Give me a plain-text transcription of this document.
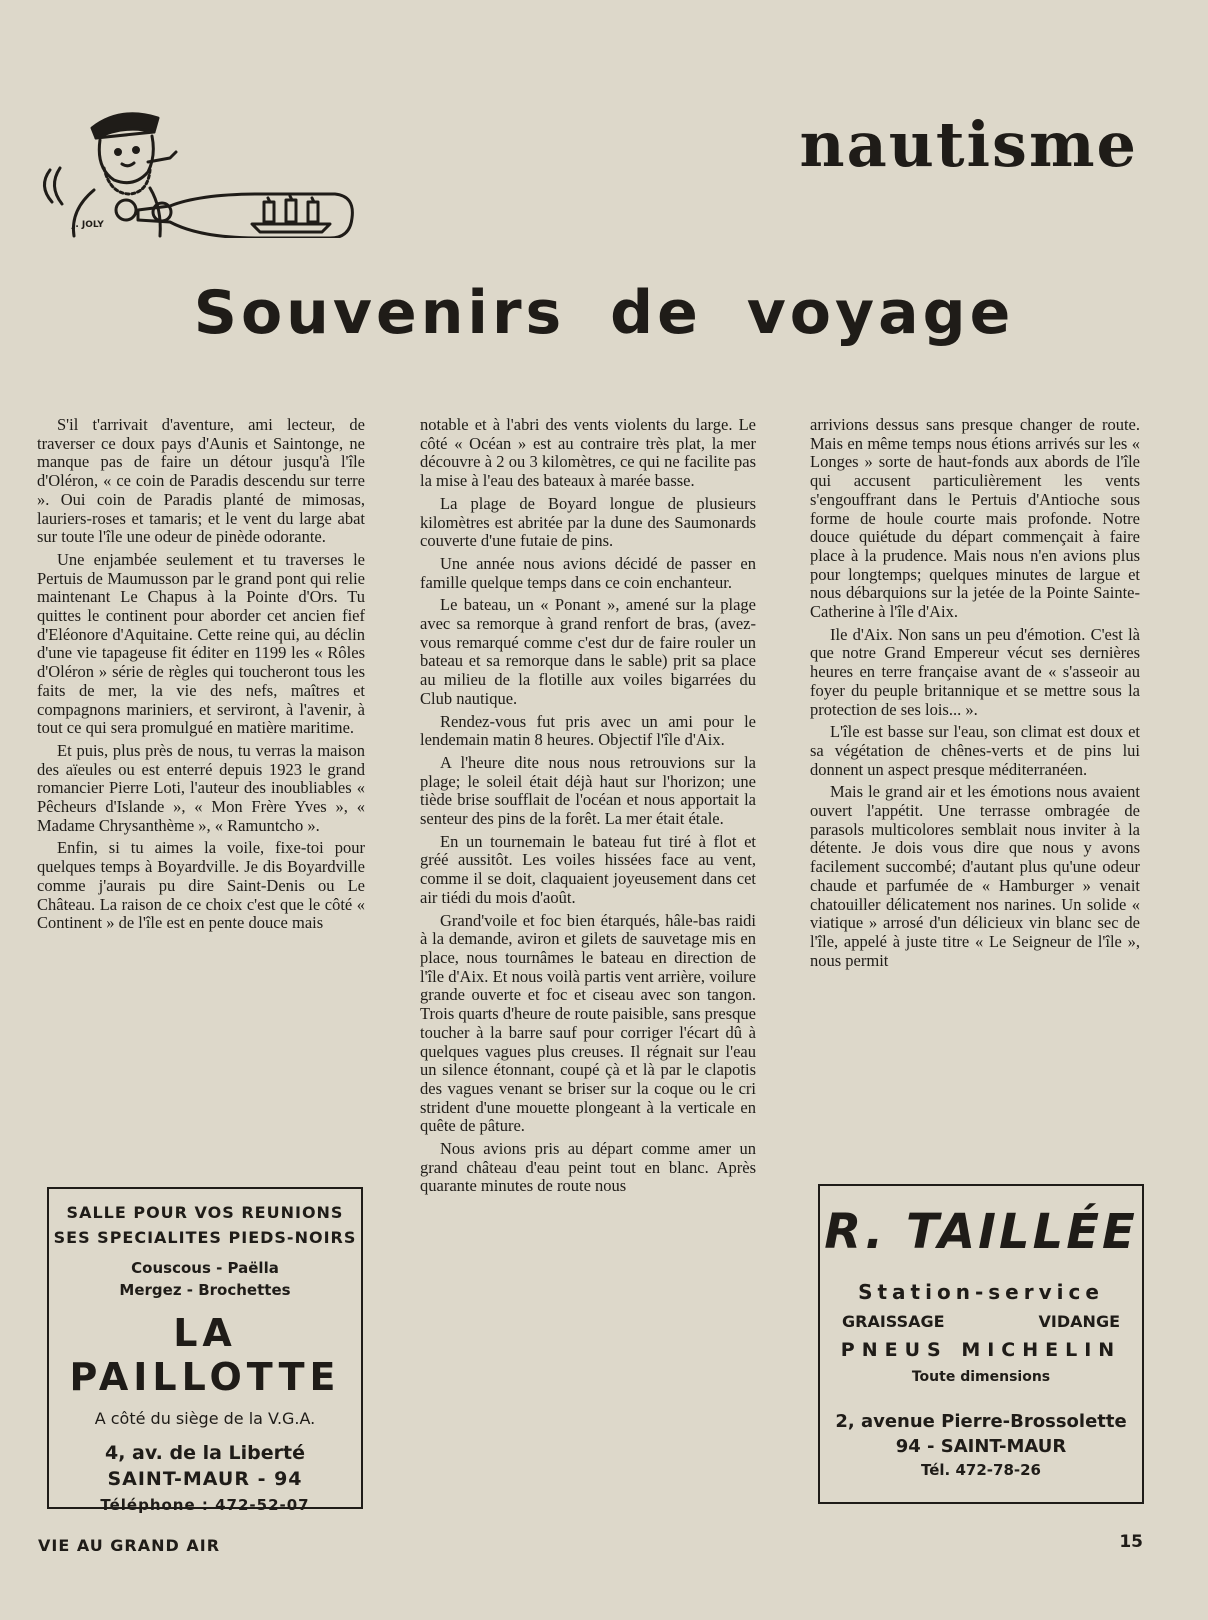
J. JOLY
nautisme
Souvenirs de voyage

S'il t'arrivait d'aventure, ami lecteur, de traverser ce doux pays d'Aunis et Saintonge, ne manque pas de faire un détour jusqu'à l'île d'Oléron, « ce coin de Paradis descendu sur terre ». Oui coin de Paradis planté de mimosas, lauriers-roses et tamaris; et le vent du large abat sur toute l'île une odeur de pinède odorante.

Une enjambée seulement et tu traverses le Pertuis de Maumusson par le grand pont qui relie maintenant Le Chapus à la Pointe d'Ors. Tu quittes le continent pour aborder cet ancien fief d'Eléonore d'Aquitaine. Cette reine qui, au déclin d'une vie tapageuse fit éditer en 1199 les « Rôles d'Oléron » série de règles qui toucheront tous les faits de mer, la vie des nefs, maîtres et compagnons mariniers, et serviront, à l'avenir, à tout ce qui sera promulgué en matière maritime.

Et puis, plus près de nous, tu verras la maison des aïeules ou est enterré depuis 1923 le grand romancier Pierre Loti, l'auteur des inoubliables « Pêcheurs d'Islande », « Mon Frère Yves », « Madame Chrysanthème », « Ramuntcho ».

Enfin, si tu aimes la voile, fixe-toi pour quelques temps à Boyardville. Je dis Boyardville comme j'aurais pu dire Saint-Denis ou Le Château. La raison de ce choix c'est que le côté « Continent » de l'île est en pente douce mais

notable et à l'abri des vents violents du large. Le côté « Océan » est au contraire très plat, la mer découvre à 2 ou 3 kilomètres, ce qui ne facilite pas la mise à l'eau des bateaux à marée basse.

La plage de Boyard longue de plusieurs kilomètres est abritée par la dune des Saumonards couverte d'une futaie de pins.

Une année nous avions décidé de passer en famille quelque temps dans ce coin enchanteur.

Le bateau, un « Ponant », amené sur la plage avec sa remorque à grand renfort de bras, (avez-vous remarqué comme c'est dur de faire rouler un bateau et sa remorque dans le sable) prit sa place au milieu de la flotille aux voiles bigarrées du Club nautique.

Rendez-vous fut pris avec un ami pour le lendemain matin 8 heures. Objectif l'île d'Aix.

A l'heure dite nous nous retrouvions sur la plage; le soleil était déjà haut sur l'horizon; une tiède brise soufflait de l'océan et nous apportait la senteur des pins de la forêt. La mer était étale.

En un tournemain le bateau fut tiré à flot et gréé aussitôt. Les voiles hissées face au vent, comme il se doit, claquaient joyeusement dans cet air tiédi du mois d'août.

Grand'voile et foc bien étarqués, hâle-bas raidi à la demande, aviron et gilets de sauvetage mis en place, nous tournâmes le bateau en direction de l'île d'Aix. Et nous voilà partis vent arrière, voilure grande ouverte et foc et ciseau avec son tangon. Trois quarts d'heure de route paisible, sans presque toucher à la barre sauf pour corriger l'écart dû à quelques vagues plus creuses. Il régnait sur l'eau un silence étonnant, coupé çà et là par le clapotis des vagues venant se briser sur la coque ou le cri strident d'une mouette plongeant à la verticale en quête de pâture.

Nous avions pris au départ comme amer un grand château d'eau peint tout en blanc. Après quarante minutes de route nous

arrivions dessus sans presque changer de route. Mais en même temps nous étions arrivés sur les « Longes » sorte de haut-fonds aux abords de l'île qui accusent particulièrement les vents s'engouffrant dans le Pertuis d'Antioche sous forme de houle courte mais profonde. Notre douce quiétude du départ commençait à faire place à la prudence. Mais nous n'en avions plus pour longtemps; quelques minutes de largue et nous débarquions sur la jetée de la Pointe Sainte-Catherine à l'île d'Aix.

Ile d'Aix. Non sans un peu d'émotion. C'est là que notre Grand Empereur vécut ses dernières heures en terre française avant de « s'asseoir au foyer du peuple britannique et se mettre sous la protection de ses lois... ».

L'île est basse sur l'eau, son climat est doux et sa végétation de chênes-verts et de pins lui donnent un aspect presque méditerranéen.

Mais le grand air et les émotions nous avaient ouvert l'appétit. Une terrasse ombragée de parasols multicolores semblait nous inviter à la détente. Je dois vous dire que nous y avons facilement succombé; d'autant plus qu'une odeur chaude et parfumée de « Hamburger » venait chatouiller délicatement nos narines. Un solide « viatique » arrosé d'un délicieux vin blanc sec de l'île, appelé à juste titre « Le Seigneur de l'île », nous permit

SALLE POUR VOS REUNIONS
SES SPECIALITES PIEDS-NOIRS
Couscous - Paëlla
Mergez - Brochettes
LA PAILLOTTE
A côté du siège de la V.G.A.
4, av. de la Liberté
SAINT-MAUR - 94
Téléphone : 472-52-07
R. TAILLÉE
Station-service
GRAISSAGE	VIDANGE
PNEUS MICHELIN
Toute dimensions
2, avenue Pierre-Brossolette
94 - SAINT-MAUR
Tél. 472-78-26
VIE AU GRAND AIR	15
